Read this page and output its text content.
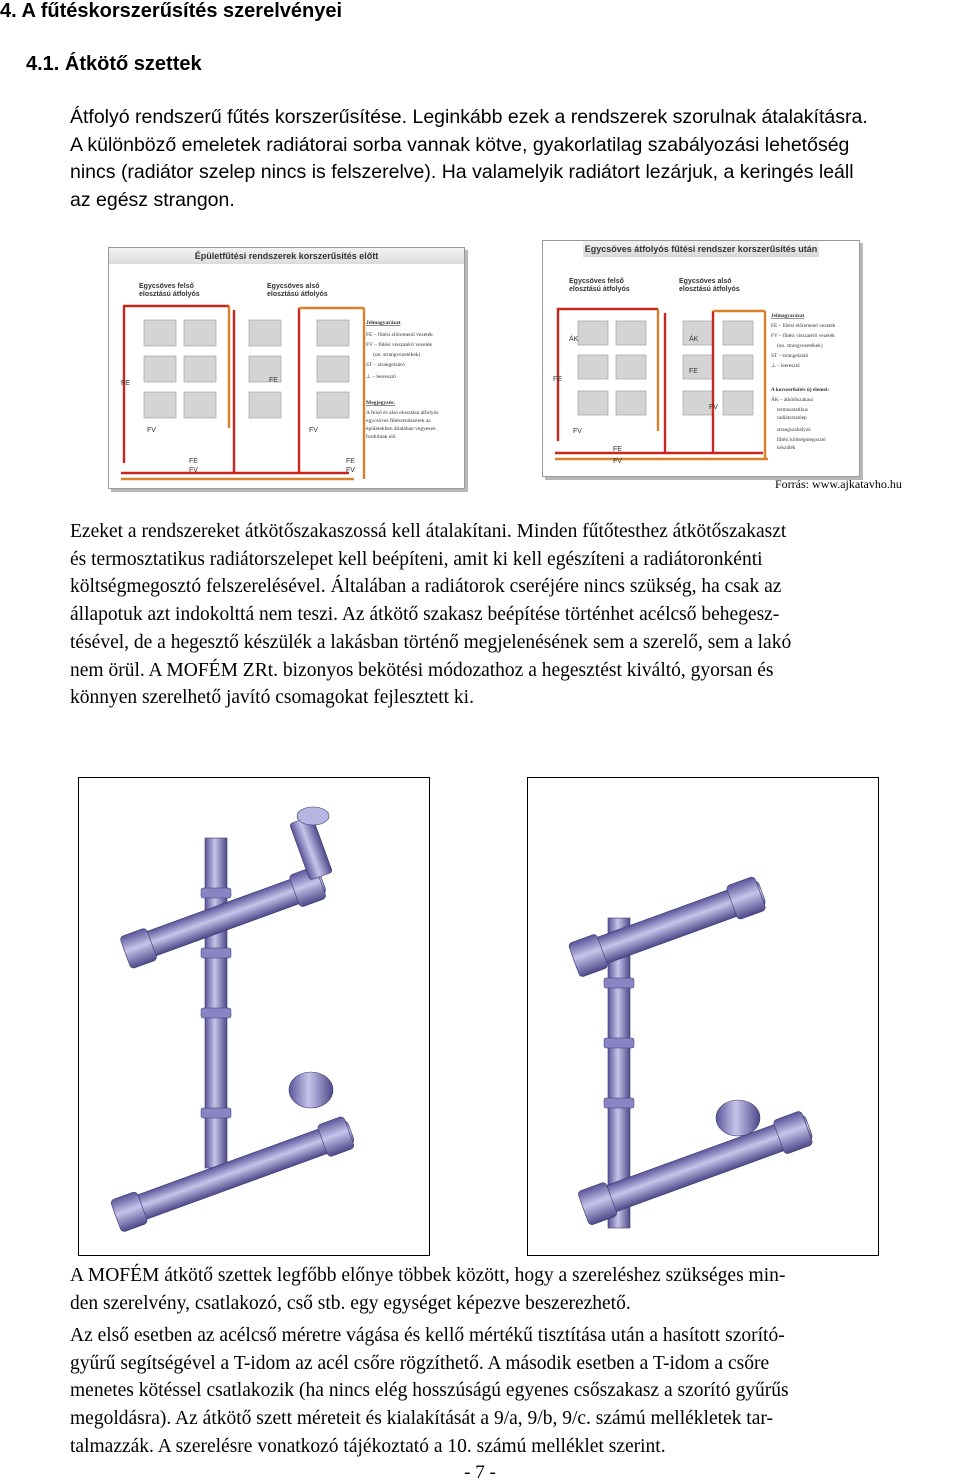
4. A fűtéskorszerűsítés szerelvényei
4.1. Átkötő szettek
Átfolyó rendszerű fűtés korszerűsítése. Leginkább ezek a rendszerek szorulnak átalakításra.
A különböző emeletek radiátorai sorba vannak kötve, gyakorlatilag szabályozási lehetőség
nincs (radiátor szelep nincs is felszerelve). Ha valamelyik radiátort lezárjuk, a keringés leáll
az egész strangon.
Épületfűtési rendszerek korszerűsítés előtt
Egycsöves felső
elosztású átfolyós
Egycsöves alsó
elosztású átfolyós
FE
FV
FE
FV
FE
FV
FE
FV
Jelmagyarázat
FE – fűtési előremenő vezeték
FV – fűtési visszatérő vezeték
(un. strangvezetékek)
ST – strangelzáró
⊥ – leeresztő
Megjegyzés:
A felső és alsó elosztású átfolyós
egycsöves fűtésrendszerek az
épületekben általában vegyesen
fordulnak elő
Egycsöves átfolyós fűtési rendszer korszerűsítés után
Egycsöves felső
elosztású átfolyós
Egycsöves alsó
elosztású átfolyós
ÁK	ÁK
FE
FE
FV
FV
FE
FV
Jelmagyarázat
FE – fűtési előremenő vezeték
FV – fűtési visszatérő vezeték
(un. strangvezetékek)
ST – strangelzáró
⊥ – leeresztő
A korszerűsítés új elemei:
ÁK – átkötőszakasz
termosztatikus
radiátorszelep
strangszabályzó
fűtési költségmegosztó
készülék
Forrás: www.ajkatavho.hu
Ezeket a rendszereket átkötőszakaszossá kell átalakítani. Minden fűtőtesthez átkötőszakaszt
és termosztatikus radiátorszelepet kell beépíteni, amit ki kell egészíteni a radiátoronkénti
költségmegosztó felszerelésével. Általában a radiátorok cseréjére nincs szükség, ha csak az
állapotuk azt indokolttá nem teszi. Az átkötő szakasz beépítése történhet acélcső behegesz-
tésével, de a hegesztő készülék a lakásban történő megjelenésének sem a szerelő, sem a lakó
nem örül. A MOFÉM ZRt. bizonyos bekötési módozathoz a hegesztést kiváltó, gyorsan és
könnyen szerelhető javító csomagokat fejlesztett ki.
A MOFÉM átkötő szettek legfőbb előnye többek között, hogy a szereléshez szükséges min-
den szerelvény, csatlakozó, cső stb. egy egységet képezve beszerezhető.
Az első esetben az acélcső méretre vágása és kellő mértékű tisztítása után a hasított szorító-
gyűrű segítségével a T-idom az acél csőre rögzíthető. A második esetben a T-idom a csőre
menetes kötéssel csatlakozik (ha nincs elég hosszúságú egyenes csőszakasz a szorító gyűrűs
megoldásra). Az átkötő szett méreteit és kialakítását a 9/a, 9/b, 9/c. számú mellékletek tar-
talmazzák. A szerelésre vonatkozó tájékoztató a 10. számú melléklet szerint.
- 7 -
